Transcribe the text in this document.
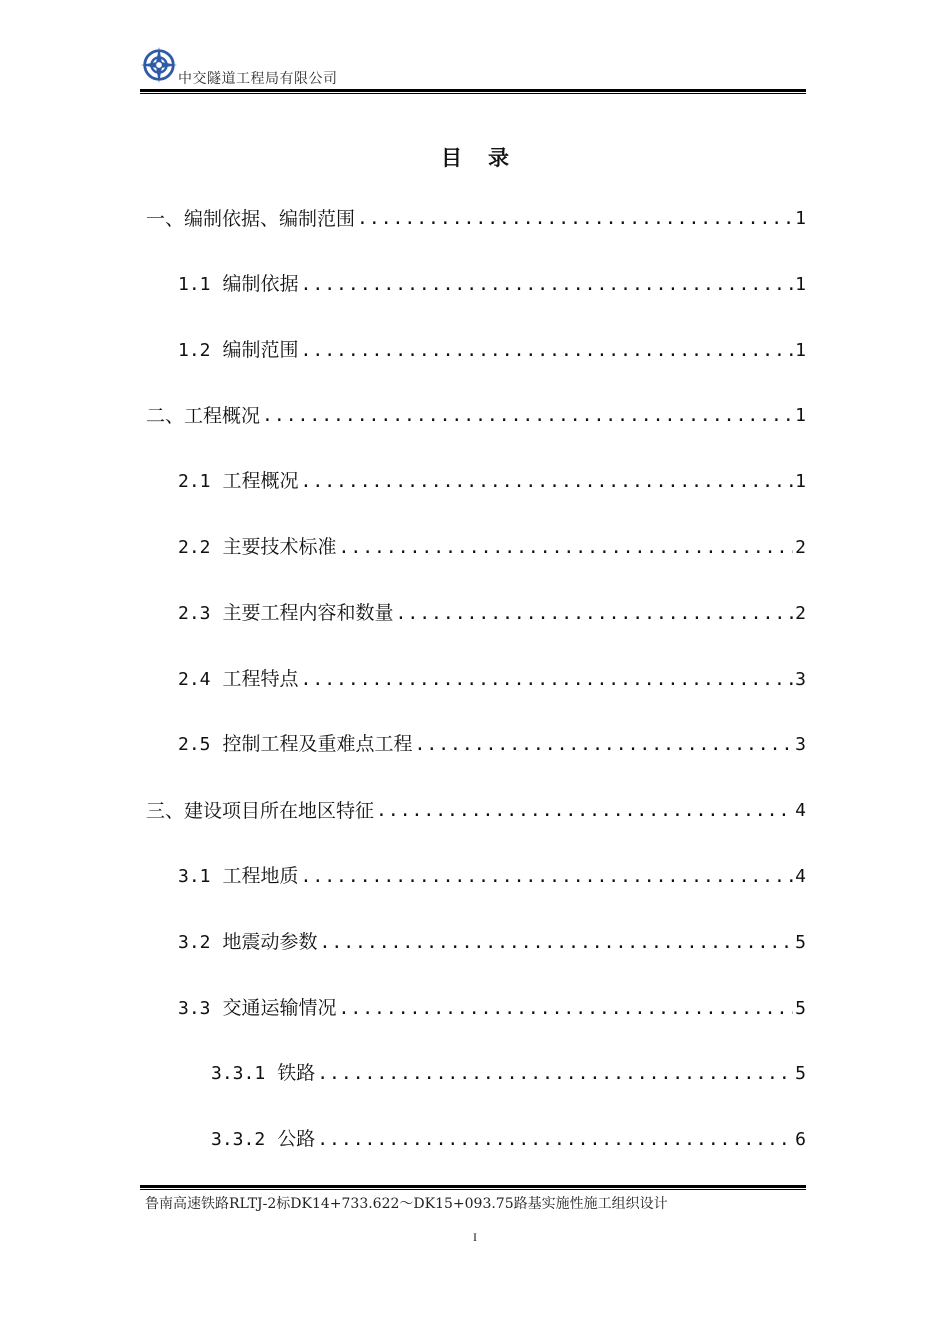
中交隧道工程局有限公司
目录
一、编制依据、编制范围 .....	1
1.1 编制依据 .....	1
1.2 编制范围 .....	1
二、工程概况 .....	1
2.1 工程概况 .....	1
2.2 主要技术标准 .....	2
2.3 主要工程内容和数量 .....	2
2.4 工程特点 .....	3
2.5 控制工程及重难点工程 .....	3
三、建设项目所在地区特征 .....	4
3.1 工程地质 .....	4
3.2 地震动参数 .....	5
3.3 交通运输情况 .....	5
3.3.1 铁路 .....	5
3.3.2 公路 .....	6
鲁南高速铁路RLTJ-2标DK14+733.622～DK15+093.75路基实施性施工组织设计
I
